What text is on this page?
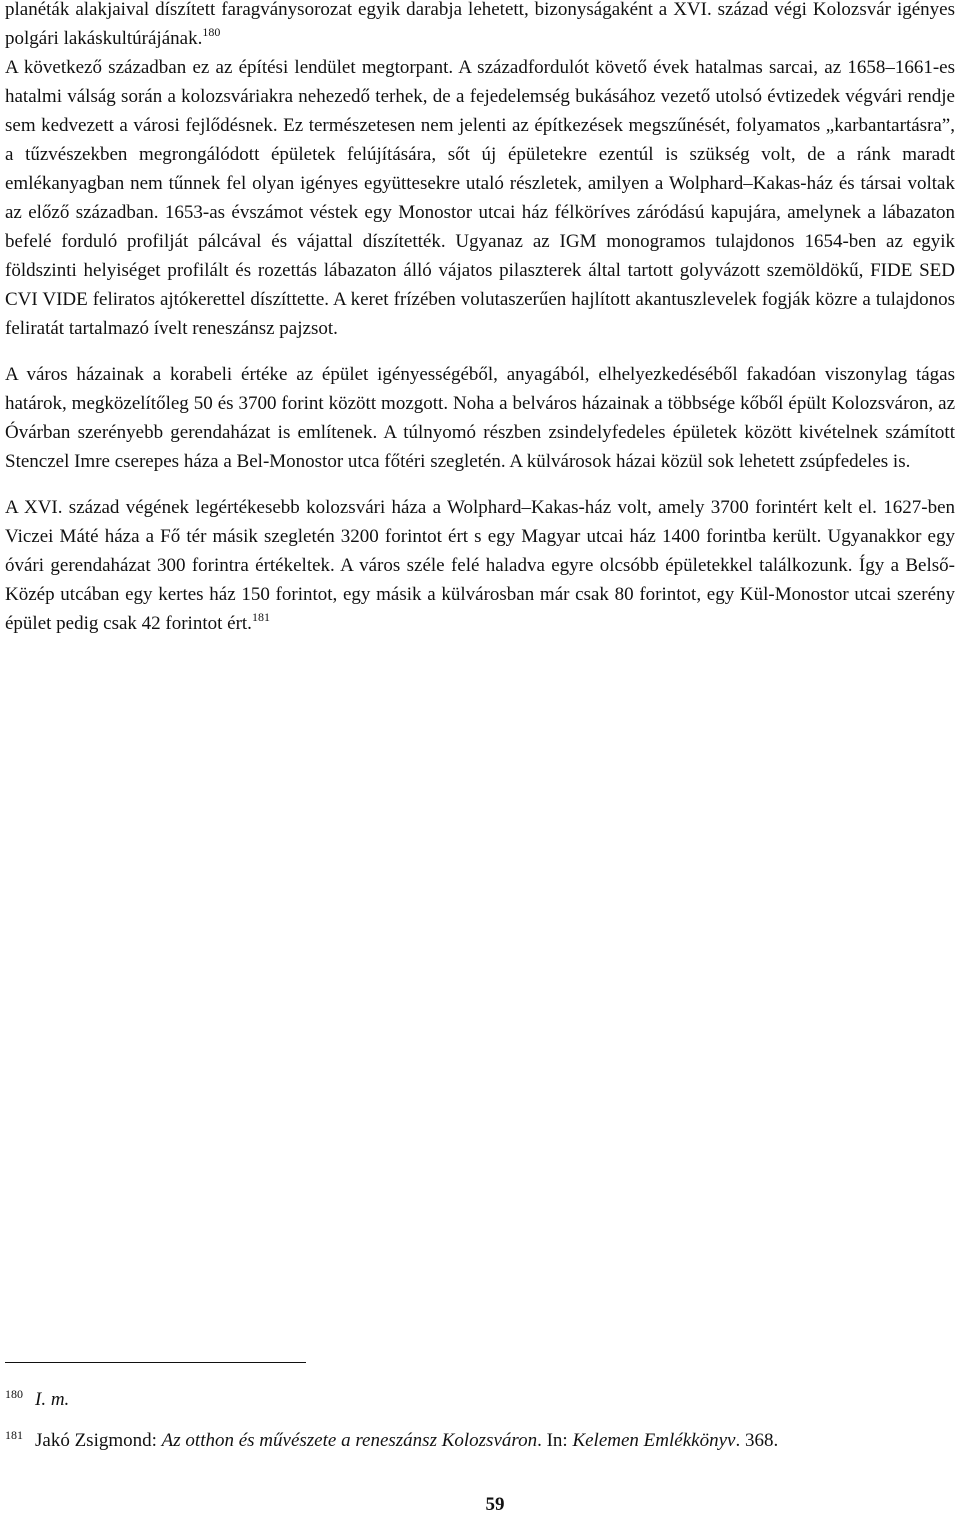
planéták alakjaival díszített faragványsorozat egyik darabja lehetett, bizonyságaként a XVI. század végi Kolozsvár igényes polgári lakáskultúrájának.$^{180}$

A következő században ez az építési lendület megtorpant. A századfordulót követő évek hatalmas sarcai, az 1658–1661-es hatalmi válság során a kolozsváriakra nehezedő terhek, de a fejedelemség bukásához vezető utolsó évtizedek végvári rendje sem kedvezett a városi fejlődésnek. Ez természetesen nem jelenti az építkezések megszűnését, folyamatos „karbantartásra”, a tűzvészekben megrongálódott épületek felújítására, sőt új épületekre ezentúl is szükség volt, de a ránk maradt emlékanyagban nem tűnnek fel olyan igényes együttesekre utaló részletek, amilyen a Wolphard–Kakas-ház és társai voltak az előző században. 1653-as évszámot véstek egy Monostor utcai ház félköríves záródású kapujára, amelynek a lábazaton befelé forduló profilját pálcával és vájattal díszítették. Ugyanaz az IGM monogramos tulajdonos 1654-ben az egyik földszinti helyiséget profilált és rozettás lábazaton álló vájatos pilaszterek által tartott golyvázott szemöldökű, FIDE SED CVI VIDE feliratos ajtókerettel díszíttette. A keret frízében volutaszerűen hajlított akantuszlevelek fogják közre a tulajdonos feliratát tartalmazó ívelt reneszánsz pajzsot.

A város házainak a korabeli értéke az épület igényességéből, anyagából, elhelyezkedéséből fakadóan viszonylag tágas határok, megközelítőleg 50 és 3700 forint között mozgott. Noha a belváros házainak a többsége kőből épült Kolozsváron, az Óvárban szerényebb gerendaházat is említenek. A túlnyomó részben zsindelyfedeles épületek között kivételnek számított Stenczel Imre cserepes háza a Bel-Monostor utca főtéri szegletén. A külvárosok házai közül sok lehetett zsúpfedeles is.

A XVI. század végének legértékesebb kolozsvári háza a Wolphard–Kakas-ház volt, amely 3700 forintért kelt el. 1627-ben Viczei Máté háza a Fő tér másik szegletén 3200 forintot ért s egy Magyar utcai ház 1400 forintba került. Ugyanakkor egy óvári gerendaházat 300 forintra értékeltek. A város széle felé haladva egyre olcsóbb épületekkel találkozunk. Így a Belső-Közép utcában egy kertes ház 150 forintot, egy másik a külvárosban már csak 80 forintot, egy Kül-Monostor utcai szerény épület pedig csak 42 forintot ért.$^{181}$

$^{180}$ I. m.
$^{181}$ Jakó Zsigmond: Az otthon és művészete a reneszánsz Kolozsváron. In: Kelemen Emlékkönyv. 368.
59
